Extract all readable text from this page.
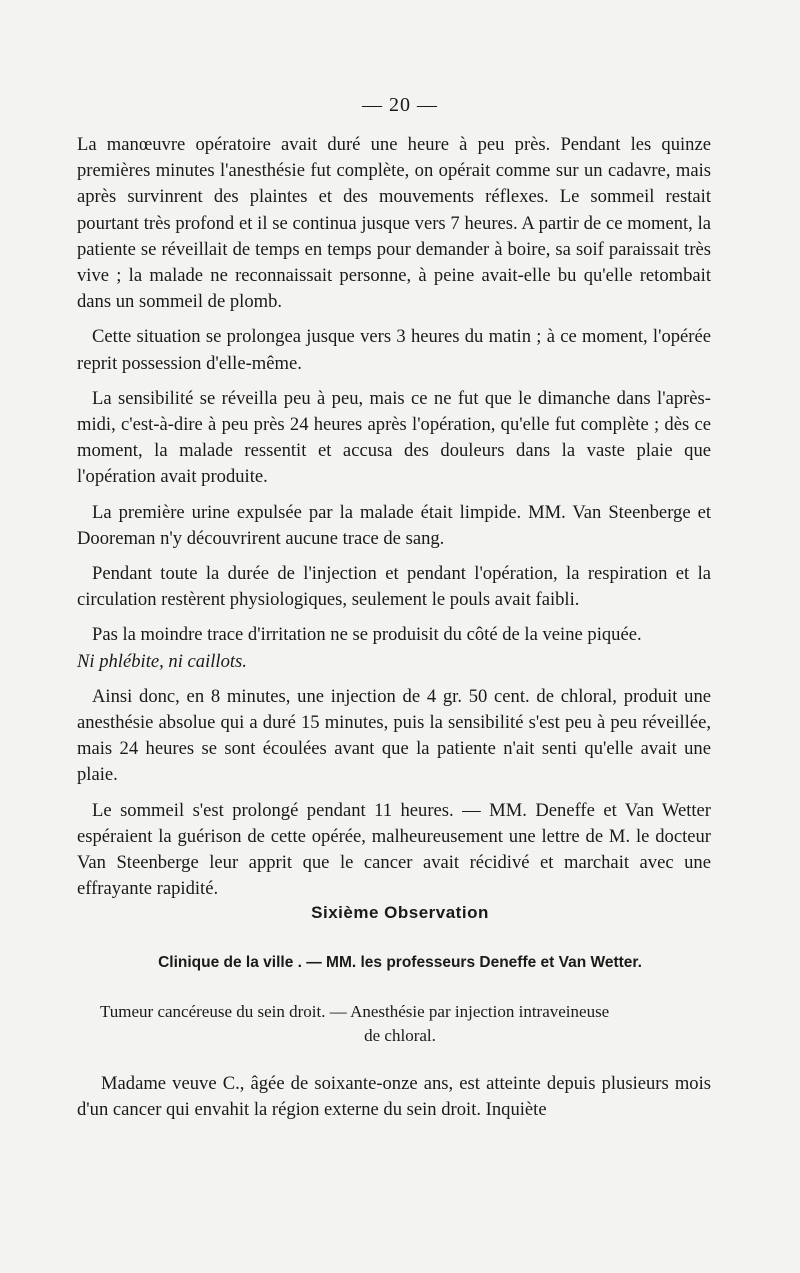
— 20 —

La manœuvre opératoire avait duré une heure à peu près. Pendant les quinze premières minutes l'anesthésie fut complète, on opérait comme sur un cadavre, mais après survinrent des plaintes et des mouvements réflexes. Le sommeil restait pourtant très profond et il se continua jusque vers 7 heures. A partir de ce moment, la patiente se réveillait de temps en temps pour demander à boire, sa soif paraissait très vive ; la malade ne reconnaissait personne, à peine avait-elle bu qu'elle retombait dans un sommeil de plomb.

Cette situation se prolongea jusque vers 3 heures du matin ; à ce moment, l'opérée reprit possession d'elle-même.

La sensibilité se réveilla peu à peu, mais ce ne fut que le dimanche dans l'après-midi, c'est-à-dire à peu près 24 heures après l'opération, qu'elle fut complète ; dès ce moment, la malade ressentit et accusa des douleurs dans la vaste plaie que l'opération avait produite.

La première urine expulsée par la malade était limpide. MM. Van Steenberge et Dooreman n'y découvrirent aucune trace de sang.

Pendant toute la durée de l'injection et pendant l'opération, la respiration et la circulation restèrent physiologiques, seulement le pouls avait faibli.

Pas la moindre trace d'irritation ne se produisit du côté de la veine piquée.

Ni phlébite, ni caillots.

Ainsi donc, en 8 minutes, une injection de 4 gr. 50 cent. de chloral, produit une anesthésie absolue qui a duré 15 minutes, puis la sensibilité s'est peu à peu réveillée, mais 24 heures se sont écoulées avant que la patiente n'ait senti qu'elle avait une plaie.

Le sommeil s'est prolongé pendant 11 heures. — MM. Deneffe et Van Wetter espéraient la guérison de cette opérée, malheureusement une lettre de M. le docteur Van Steenberge leur apprit que le cancer avait récidivé et marchait avec une effrayante rapidité.

Sixième Observation
Clinique de la ville . — MM. les professeurs Deneffe et Van Wetter.
Tumeur cancéreuse du sein droit. — Anesthésie par injection intraveineuse
de chloral.

Madame veuve C., âgée de soixante-onze ans, est atteinte depuis plusieurs mois d'un cancer qui envahit la région externe du sein droit. Inquiète
